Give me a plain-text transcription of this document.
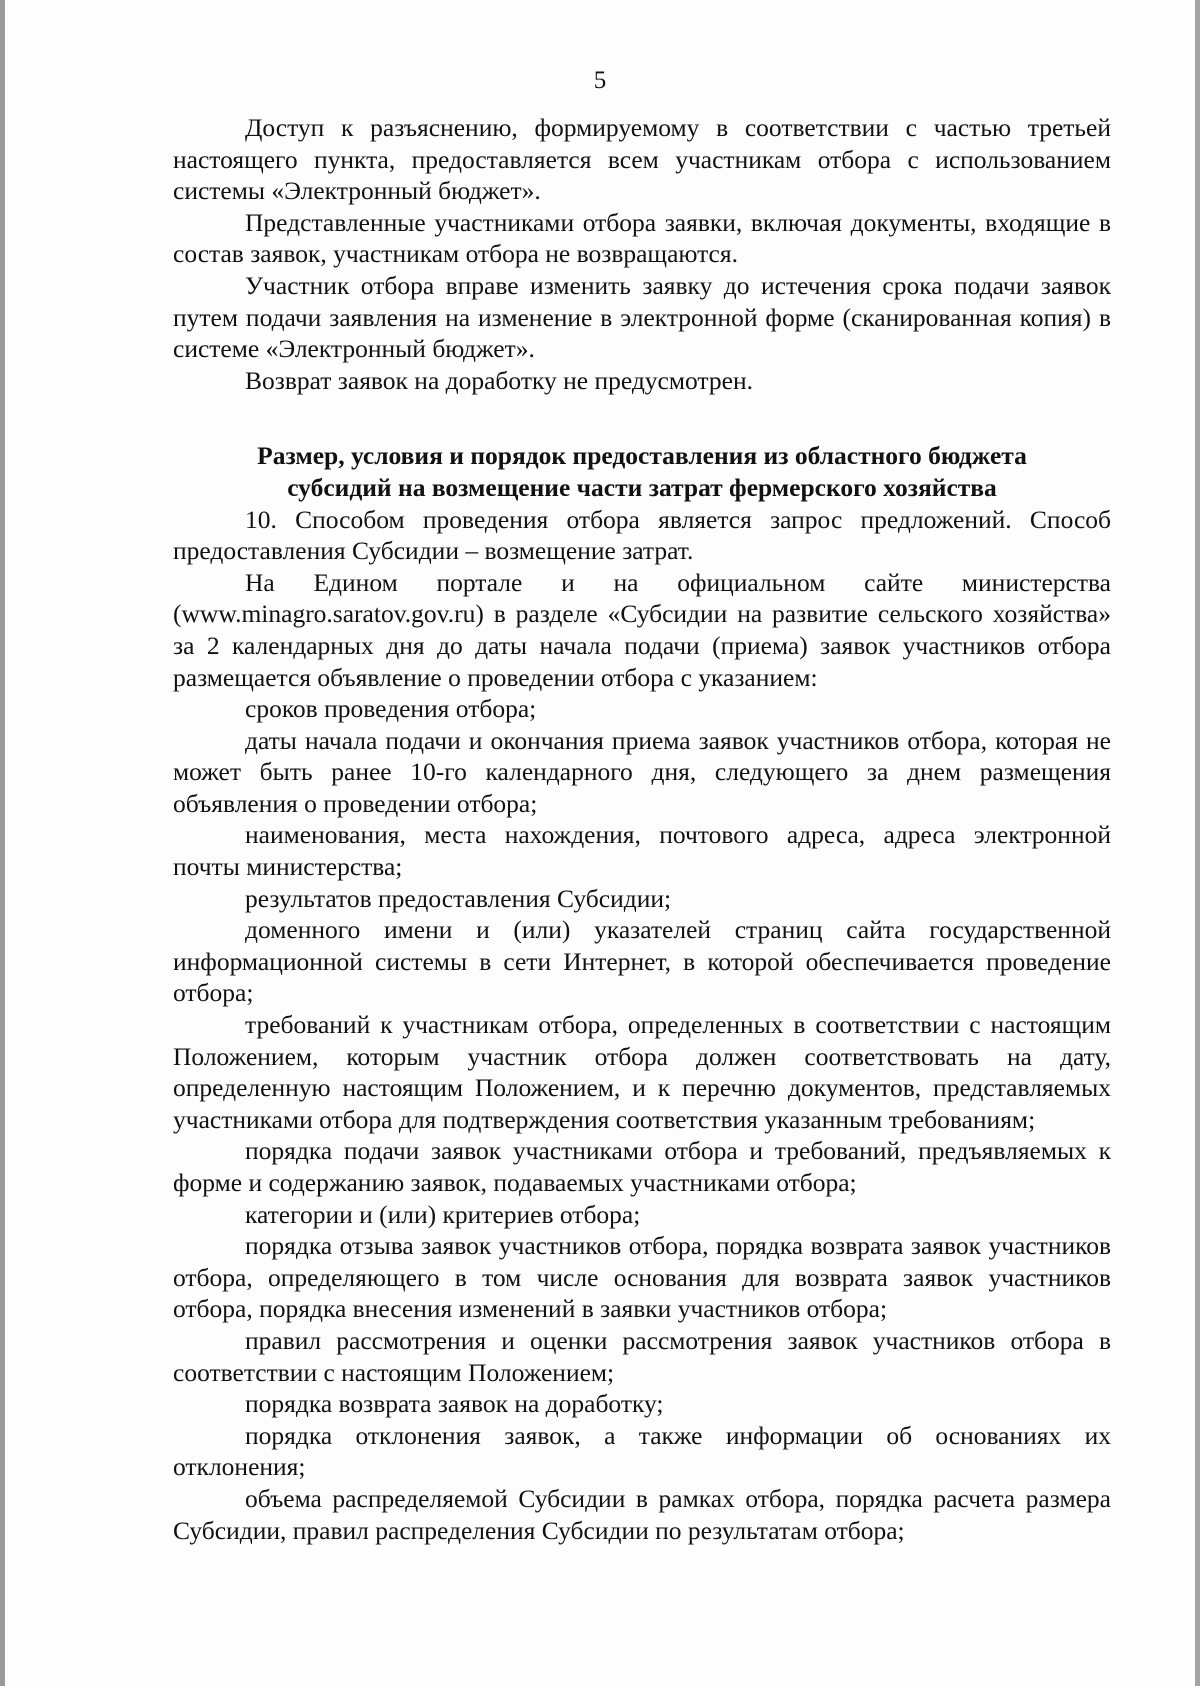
5

Доступ к разъяснению, формируемому в соответствии с частью третьей настоящего пункта, предоставляется всем участникам отбора с использованием системы «Электронный бюджет».

Представленные участниками отбора заявки, включая документы, входящие в состав заявок, участникам отбора не возвращаются.

Участник отбора вправе изменить заявку до истечения срока подачи заявок путем подачи заявления на изменение в электронной форме (сканированная копия) в системе «Электронный бюджет».

Возврат заявок на доработку не предусмотрен.

Размер, условия и порядок предоставления из областного бюджета субсидий на возмещение части затрат фермерского хозяйства

10. Способом проведения отбора является запрос предложений. Способ предоставления Субсидии – возмещение затрат.

На Едином портале и на официальном сайте министерства (www.minagro.saratov.gov.ru) в разделе «Субсидии на развитие сельского хозяйства» за 2 календарных дня до даты начала подачи (приема) заявок участников отбора размещается объявление о проведении отбора с указанием:

сроков проведения отбора;

даты начала подачи и окончания приема заявок участников отбора, которая не может быть ранее 10-го календарного дня, следующего за днем размещения объявления о проведении отбора;

наименования, места нахождения, почтового адреса, адреса электронной почты министерства;

результатов предоставления Субсидии;

доменного имени и (или) указателей страниц сайта государственной информационной системы в сети Интернет, в которой обеспечивается проведение отбора;

требований к участникам отбора, определенных в соответствии с настоящим Положением, которым участник отбора должен соответствовать на дату, определенную настоящим Положением, и к перечню документов, представляемых участниками отбора для подтверждения соответствия указанным требованиям;

порядка подачи заявок участниками отбора и требований, предъявляемых к форме и содержанию заявок, подаваемых участниками отбора;

категории и (или) критериев отбора;

порядка отзыва заявок участников отбора, порядка возврата заявок участников отбора, определяющего в том числе основания для возврата заявок участников отбора, порядка внесения изменений в заявки участников отбора;

правил рассмотрения и оценки рассмотрения заявок участников отбора в соответствии с настоящим Положением;

порядка возврата заявок на доработку;

порядка отклонения заявок, а также информации об основаниях их отклонения;

объема распределяемой Субсидии в рамках отбора, порядка расчета размера Субсидии, правил распределения Субсидии по результатам отбора;
